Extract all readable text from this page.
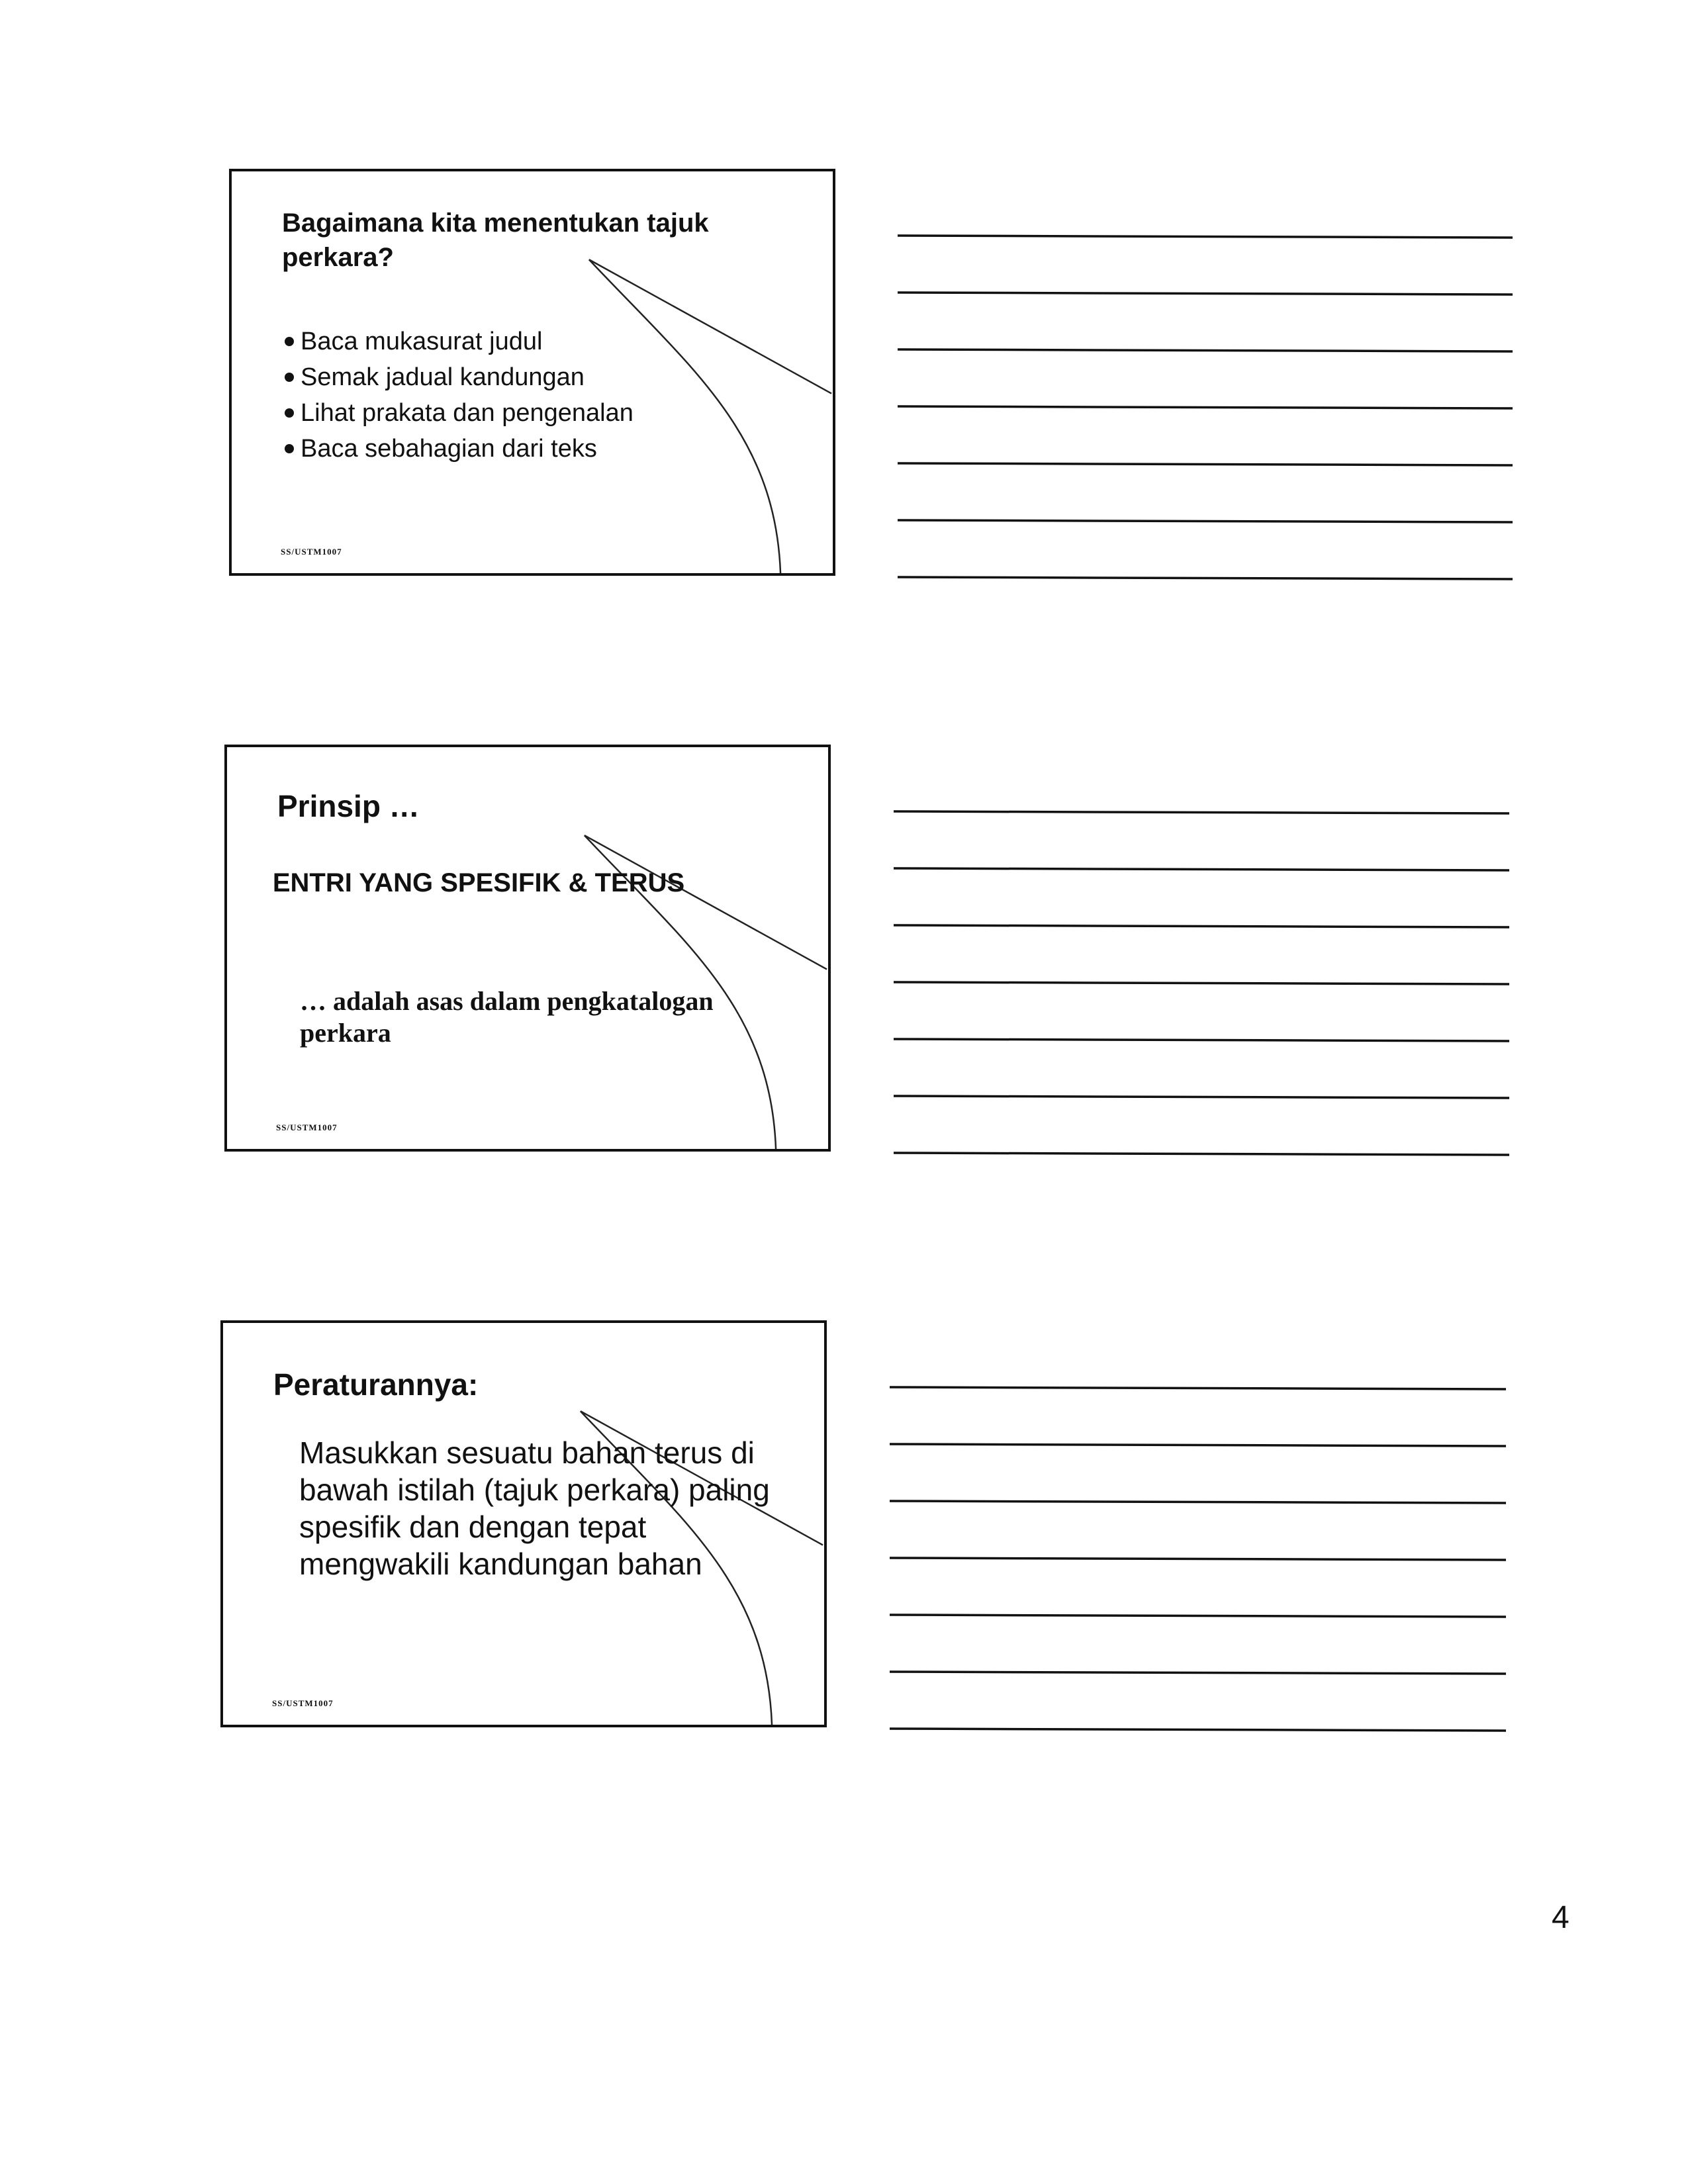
Bagaimana kita menentukan tajuk perkara?
Baca mukasurat judul
Semak jadual kandungan
Lihat prakata dan pengenalan
Baca sebahagian dari teks
SS/USTM1007
Prinsip …
ENTRI YANG SPESIFIK & TERUS
… adalah asas dalam pengkatalogan perkara
SS/USTM1007
Peraturannya:
Masukkan sesuatu bahan terus di bawah istilah (tajuk perkara) paling spesifik dan dengan tepat mengwakili kandungan bahan
SS/USTM1007
4
